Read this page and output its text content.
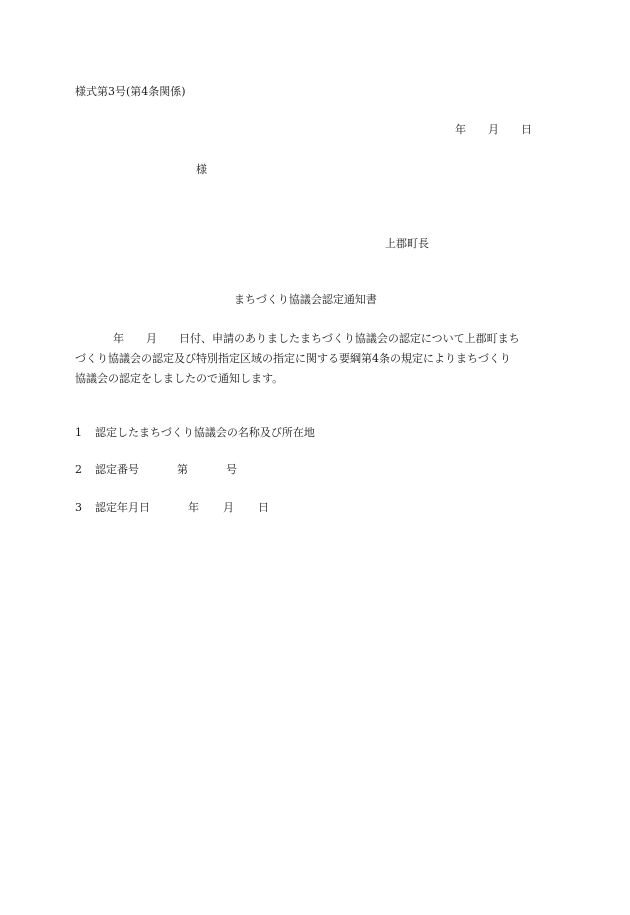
様式第3号(第4条関係)
年 月 日
様
上郡町長
まちづくり協議会認定通知書
年 月 日付、申請のありましたまちづくり協議会の認定について上郡町まち
づくり協議会の認定及び特別指定区域の指定に関する要綱第4条の規定によりまちづくり
協議会の認定をしましたので通知します。
1 認定したまちづくり協議会の名称及び所在地
2 認定番号	第	号
3 認定年月日	年 月 日
